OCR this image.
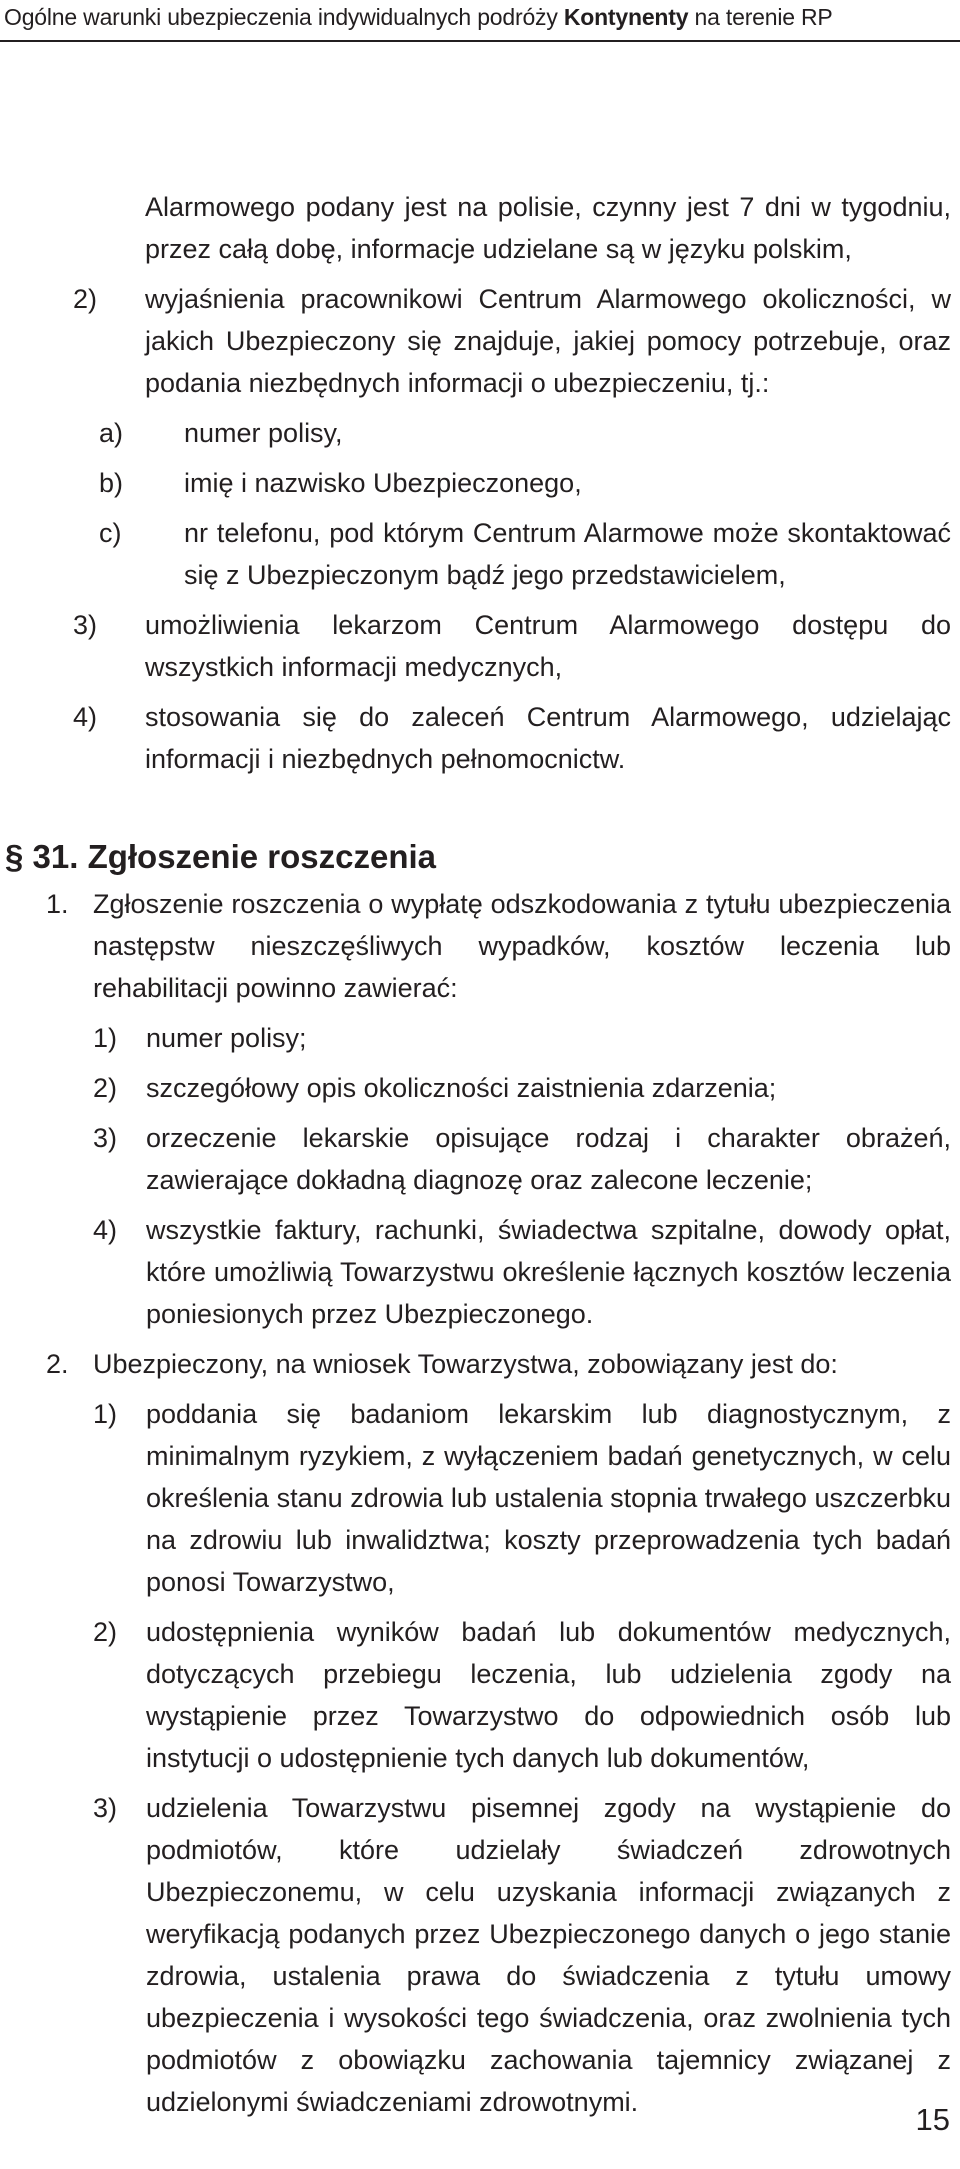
Ogólne warunki ubezpieczenia indywidualnych podróży Kontynenty na terenie RP
Alarmowego podany jest na polisie, czynny jest 7 dni w tygodniu, przez całą dobę, informacje udzielane są w języku polskim,
2) wyjaśnienia pracownikowi Centrum Alarmowego okoliczności, w jakich Ubezpieczony się znajduje, jakiej pomocy potrzebuje, oraz podania niezbędnych informacji o ubezpieczeniu, tj.:
a) numer polisy,
b) imię i nazwisko Ubezpieczonego,
c) nr telefonu, pod którym Centrum Alarmowe może skontaktować się z Ubezpieczonym bądź jego przedstawicielem,
3) umożliwienia lekarzom Centrum Alarmowego dostępu do wszystkich informacji medycznych,
4) stosowania się do zaleceń Centrum Alarmowego, udzielając informacji i niezbędnych pełnomocnictw.
§ 31. Zgłoszenie roszczenia
1. Zgłoszenie roszczenia o wypłatę odszkodowania z tytułu ubezpieczenia następstw nieszczęśliwych wypadków, kosztów leczenia lub rehabilitacji powinno zawierać:
1) numer polisy;
2) szczegółowy opis okoliczności zaistnienia zdarzenia;
3) orzeczenie lekarskie opisujące rodzaj i charakter obrażeń, zawierające dokładną diagnozę oraz zalecone leczenie;
4) wszystkie faktury, rachunki, świadectwa szpitalne, dowody opłat, które umożliwią Towarzystwu określenie łącznych kosztów leczenia poniesionych przez Ubezpieczonego.
2. Ubezpieczony, na wniosek Towarzystwa, zobowiązany jest do:
1) poddania się badaniom lekarskim lub diagnostycznym, z minimalnym ryzykiem, z wyłączeniem badań genetycznych, w celu określenia stanu zdrowia lub ustalenia stopnia trwałego uszczerbku na zdrowiu lub inwalidztwa; koszty przeprowadzenia tych badań ponosi Towarzystwo,
2) udostępnienia wyników badań lub dokumentów medycznych, dotyczących przebiegu leczenia, lub udzielenia zgody na wystąpienie przez Towarzystwo do odpowiednich osób lub instytucji o udostępnienie tych danych lub dokumentów,
3) udzielenia Towarzystwu pisemnej zgody na wystąpienie do podmiotów, które udzielały świadczeń zdrowotnych Ubezpieczonemu, w celu uzyskania informacji związanych z weryfikacją podanych przez Ubezpieczonego danych o jego stanie zdrowia, ustalenia prawa do świadczenia z tytułu umowy ubezpieczenia i wysokości tego świadczenia, oraz zwolnienia tych podmiotów z obowiązku zachowania tajemnicy związanej z udzielonymi świadczeniami zdrowotnymi.	15
